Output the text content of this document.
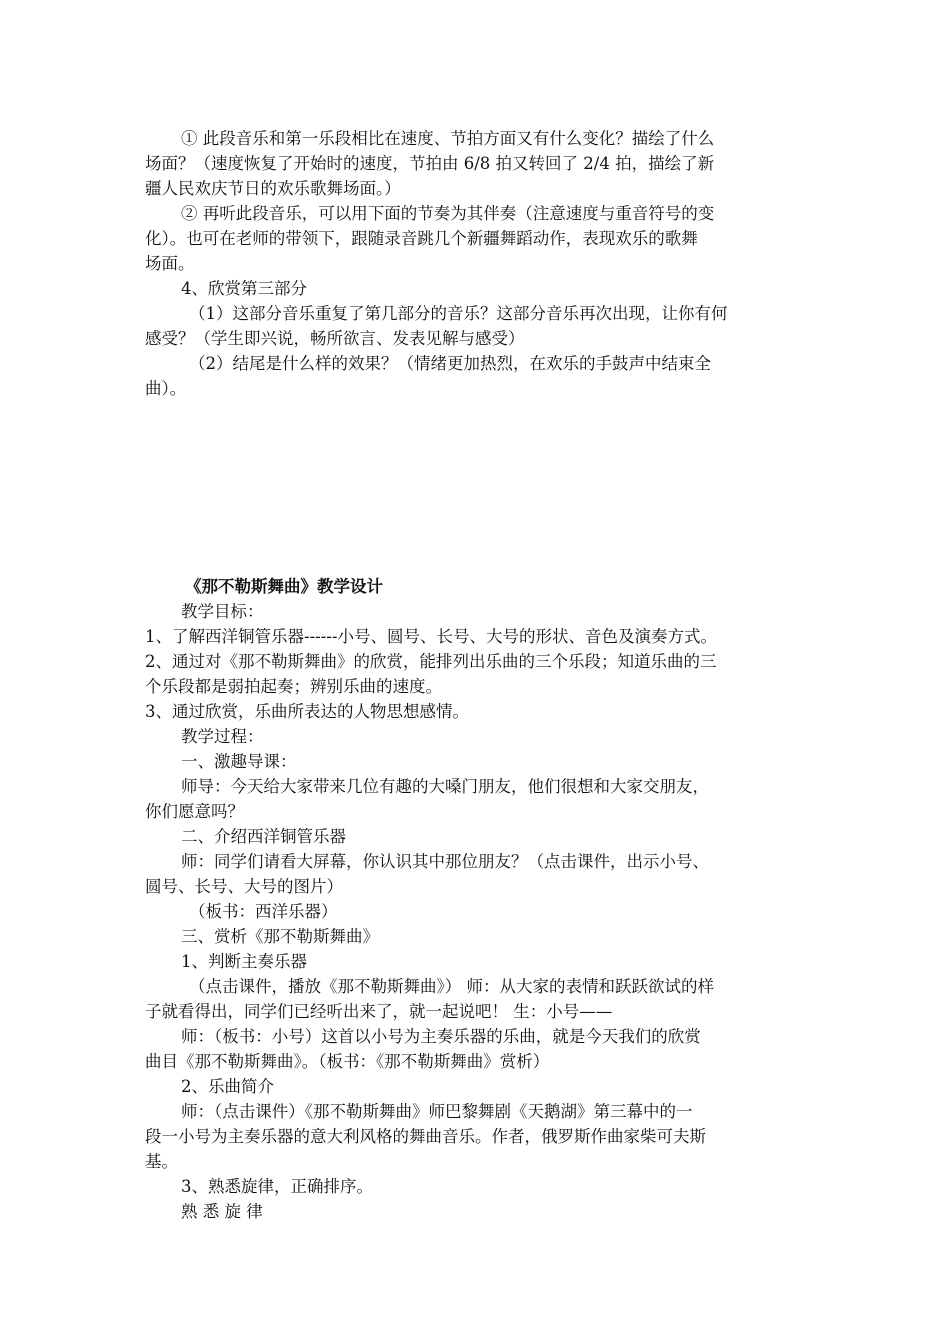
① 此段音乐和第一乐段相比在速度、节拍方面又有什么变化？描绘了什么

场面？（速度恢复了开始时的速度，节拍由 6/8 拍又转回了 2/4 拍，描绘了新

疆人民欢庆节日的欢乐歌舞场面。）

② 再听此段音乐，可以用下面的节奏为其伴奏（注意速度与重音符号的变

化）。也可在老师的带领下，跟随录音跳几个新疆舞蹈动作，表现欢乐的歌舞

场面。

4、欣赏第三部分

（1）这部分音乐重复了第几部分的音乐？这部分音乐再次出现，让你有何

感受？（学生即兴说，畅所欲言、发表见解与感受）

（2）结尾是什么样的效果？（情绪更加热烈，在欢乐的手鼓声中结束全

曲）。

《那不勒斯舞曲》教学设计

教学目标：

1、了解西洋铜管乐器------小号、圆号、长号、大号的形状、音色及演奏方式。

2、通过对《那不勒斯舞曲》的欣赏，能排列出乐曲的三个乐段；知道乐曲的三

个乐段都是弱拍起奏；辨别乐曲的速度。

3、通过欣赏，乐曲所表达的人物思想感情。

教学过程：

一、激趣导课：

师导：今天给大家带来几位有趣的大嗓门朋友，他们很想和大家交朋友，

你们愿意吗？

二、介绍西洋铜管乐器

师：同学们请看大屏幕，你认识其中那位朋友？（点击课件，出示小号、

圆号、长号、大号的图片）

（板书：西洋乐器）

三、赏析《那不勒斯舞曲》

1、判断主奏乐器

（点击课件，播放《那不勒斯舞曲》） 师：从大家的表情和跃跃欲试的样

子就看得出，同学们已经听出来了，就一起说吧！ 生：小号——

师：（板书：小号）这首以小号为主奏乐器的乐曲，就是今天我们的欣赏

曲目《那不勒斯舞曲》。（板书：《那不勒斯舞曲》赏析）

2、乐曲简介

师：（点击课件）《那不勒斯舞曲》师巴黎舞剧《天鹅湖》第三幕中的一

段一小号为主奏乐器的意大利风格的舞曲音乐。作者，俄罗斯作曲家柴可夫斯

基。

3、熟悉旋律，正确排序。

熟 悉 旋 律
